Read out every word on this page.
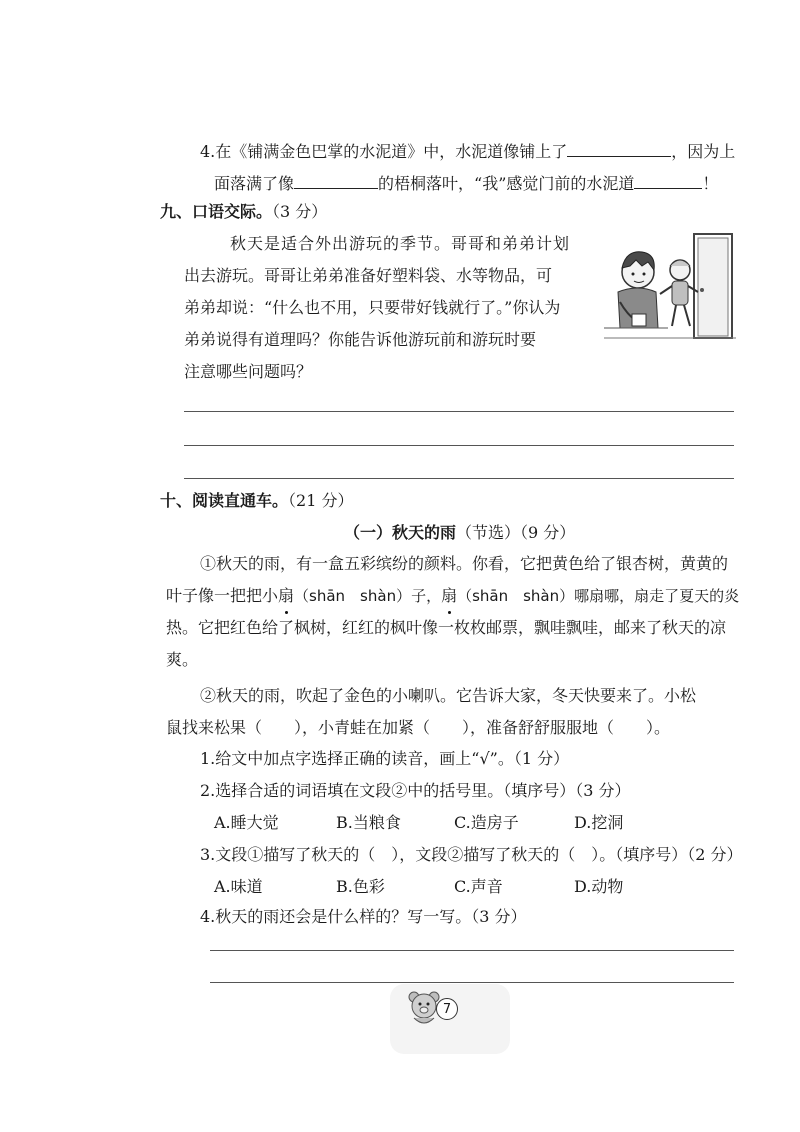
4.在《铺满金色巴掌的水泥道》中，水泥道像铺上了	，因为上
面落满了像	的梧桐落叶，“我”感觉门前的水泥道	！
九、口语交际。（3 分）
秋天是适合外出游玩的季节。哥哥和弟弟计划
出去游玩。哥哥让弟弟准备好塑料袋、水等物品，可
弟弟却说：“什么也不用，只要带好钱就行了。”你认为
弟弟说得有道理吗？你能告诉他游玩前和游玩时要
注意哪些问题吗？
十、阅读直通车。（21 分）
（一）秋天的雨（节选）（9 分）
①秋天的雨，有一盒五彩缤纷的颜料。你看，它把黄色给了银杏树，黄黄的
叶子像一把把小扇（shān　shàn）子，扇（shān　shàn）哪扇哪，扇走了夏天的炎
热。它把红色给了枫树，红红的枫叶像一枚枚邮票，飘哇飘哇，邮来了秋天的凉
爽。
②秋天的雨，吹起了金色的小喇叭。它告诉大家，冬天快要来了。小松
鼠找来松果（　　），小青蛙在加紧（　　），准备舒舒服服地（　　）。
1.给文中加点字选择正确的读音，画上“√”。（1 分）
2.选择合适的词语填在文段②中的括号里。（填序号）（3 分）
A.睡大觉	B.当粮食	C.造房子	D.挖洞
3.文段①描写了秋天的（　），文段②描写了秋天的（　）。（填序号）（2 分）
A.味道	B.色彩	C.声音	D.动物
4.秋天的雨还会是什么样的？写一写。（3 分）
7
